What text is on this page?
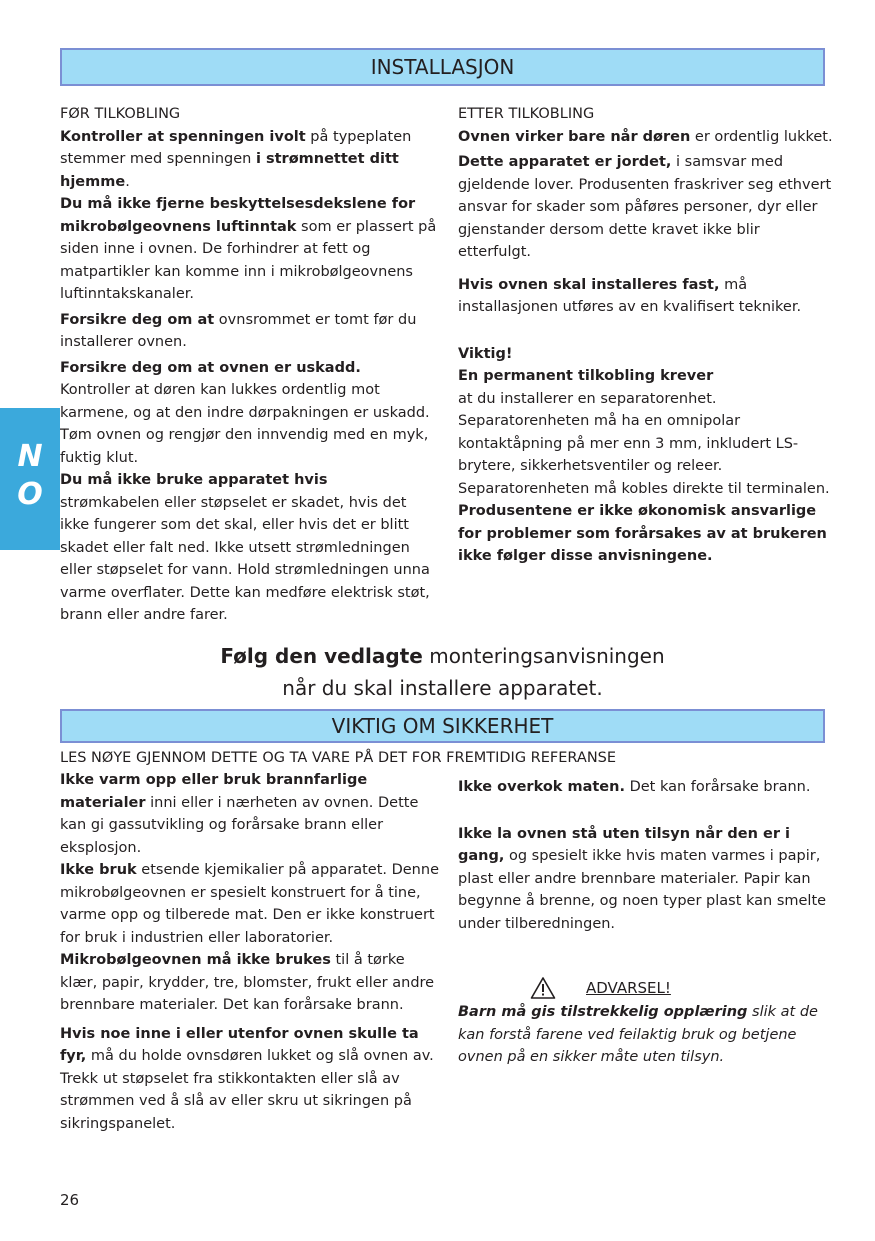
INSTALLASJON

FØR TILKOBLING

Kontroller at spenningen ivolt på typeplaten stemmer med spenningen i strømnettet ditt hjemme.

Du må ikke fjerne beskyttelsesdekslene for mikrobølgeovnens luftinntak som er plassert på siden inne i ovnen. De forhindrer at fett og matpartikler kan komme inn i mikrobølgeovnens luftinntakskanaler.

Forsikre deg om at ovnsrommet er tomt før du installerer ovnen.

Forsikre deg om at ovnen er uskadd.
Kontroller at døren kan lukkes ordentlig mot karmene, og at den indre dørpakningen er uskadd. Tøm ovnen og rengjør den innvendig med en myk, fuktig klut.

Du må ikke bruke apparatet hvis
strømkabelen eller støpselet er skadet, hvis det ikke fungerer som det skal, eller hvis det er blitt skadet eller falt ned. Ikke utsett strømledningen eller støpselet for vann. Hold strømledningen unna varme overflater. Dette kan medføre elektrisk støt, brann eller andre farer.

ETTER TILKOBLING

Ovnen virker bare når døren er ordentlig lukket.

Dette apparatet er jordet, i samsvar med gjeldende lover. Produsenten fraskriver seg ethvert ansvar for skader som påføres personer, dyr eller gjenstander dersom dette kravet ikke blir etterfulgt.

Hvis ovnen skal installeres fast, må installasjonen utføres av en kvalifisert tekniker.

Viktig!
En permanent tilkobling krever
at du installerer en separatorenhet. Separatorenheten må ha en omnipolar kontaktåpning på mer enn 3 mm, inkludert LS-brytere, sikkerhetsventiler og releer. Separatorenheten må kobles direkte til terminalen.

Produsentene er ikke økonomisk ansvarlige for problemer som forårsakes av at brukeren ikke følger disse anvisningene.

N
O
Følg den vedlagte monteringsanvisningen
når du skal installere apparatet.
VIKTIG OM SIKKERHET
LES NØYE GJENNOM DETTE OG TA VARE PÅ DET FOR FREMTIDIG REFERANSE

Ikke varm opp eller bruk brannfarlige materialer inni eller i nærheten av ovnen. Dette kan gi gassutvikling og forårsake brann eller eksplosjon.

Ikke bruk etsende kjemikalier på apparatet. Denne mikrobølgeovnen er spesielt konstruert for å tine, varme opp og tilberede mat. Den er ikke konstruert for bruk i industrien eller laboratorier.

Mikrobølgeovnen må ikke brukes til å tørke klær, papir, krydder, tre, blomster, frukt eller andre brennbare materialer. Det kan forårsake brann.

Hvis noe inne i eller utenfor ovnen skulle ta fyr, må du holde ovnsdøren lukket og slå ovnen av. Trekk ut støpselet fra stikkontakten eller slå av strømmen ved å slå av eller skru ut sikringen på sikringspanelet.

Ikke overkok maten. Det kan forårsake brann.

Ikke la ovnen stå uten tilsyn når den er i gang, og spesielt ikke hvis maten varmes i papir, plast eller andre brennbare materialer. Papir kan begynne å brenne, og noen typer plast kan smelte under tilberedningen.

ADVARSEL!

Barn må gis tilstrekkelig opplæring slik at de kan forstå farene ved feilaktig bruk og betjene ovnen på en sikker måte uten tilsyn.

26
